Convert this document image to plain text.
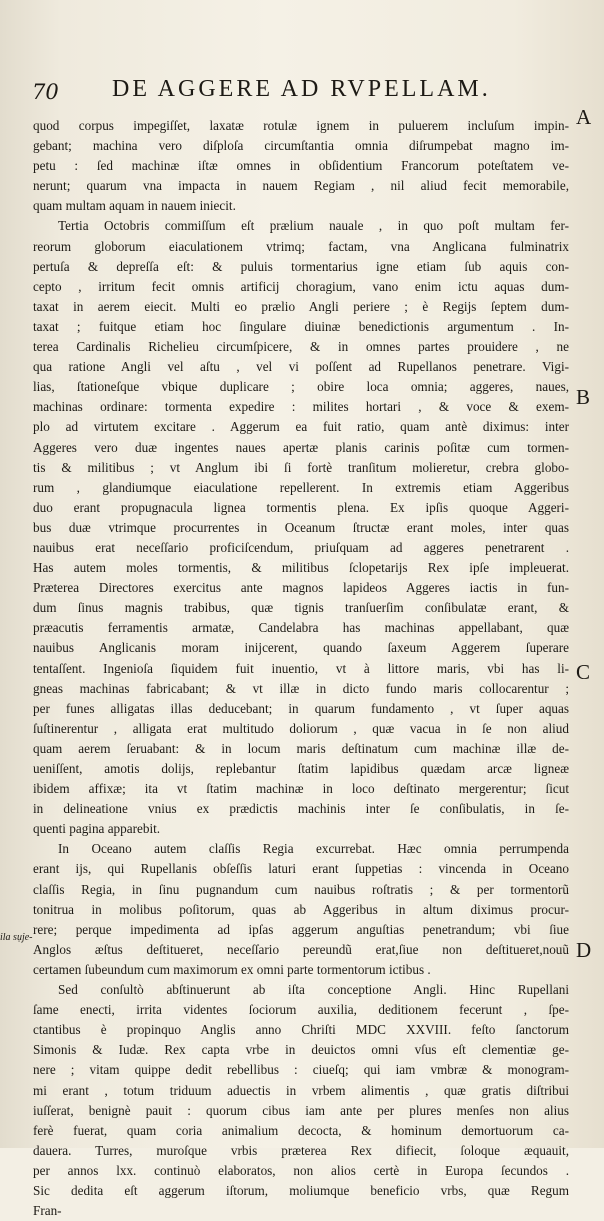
70 DE AGGERE AD RVPELLAM.
quod corpus impegiſſet, laxatæ rotulæ ignem in puluerem incluſum impin-
gebant; machina vero diſploſa circumſtantia omnia diſrumpebat magno im-
petu : ſed machinæ iſtæ omnes in obſidentium Francorum poteſtatem ve-
nerunt; quarum vna impacta in nauem Regiam , nil aliud fecit memorabile,
quam multam aquam in nauem iniecit.
Tertia Octobris commiſſum eſt prælium nauale , in quo poſt multam fer-
reorum globorum eiaculationem vtrimq; factam, vna Anglicana fulminatrix
pertuſa & depreſſa eſt: & puluis tormentarius igne etiam ſub aquis con-
cepto , irritum fecit omnis artificij choragium, vano enim ictu aquas dum-
taxat in aerem eiecit. Multi eo prælio Angli periere ; è Regijs ſeptem dum-
taxat ; fuitque etiam hoc ſingulare diuinæ benedictionis argumentum . In-
terea Cardinalis Richelieu circumſpicere, & in omnes partes prouidere , ne
qua ratione Angli vel aſtu , vel vi poſſent ad Rupellanos penetrare. Vigi-
lias, ſtationeſque vbique duplicare ; obire loca omnia; aggeres, naues,
machinas ordinare: tormenta expedire : milites hortari , & voce & exem-
plo ad virtutem excitare . Aggerum ea fuit ratio, quam antè diximus: inter
Aggeres vero duæ ingentes naues apertæ planis carinis poſitæ cum tormen-
tis & militibus ; vt Anglum ibi ſi fortè tranſitum molieretur, crebra globo-
rum , glandiumque eiaculatione repellerent. In extremis etiam Aggeribus
duo erant propugnacula lignea tormentis plena. Ex ipſis quoque Aggeri-
bus duæ vtrimque procurrentes in Oceanum ſtructæ erant moles, inter quas
nauibus erat neceſſario proficiſcendum, priuſquam ad aggeres penetrarent .
Has autem moles tormentis, & militibus ſclopetarijs Rex ipſe impleuerat.
Præterea Directores exercitus ante magnos lapideos Aggeres iactis in fun-
dum ſinus magnis trabibus, quæ tignis tranſuerſim conſibulatæ erant, &
præacutis ferramentis armatæ, Candelabra has machinas appellabant, quæ
nauibus Anglicanis moram inijcerent, quando ſaxeum Aggerem ſuperare
tentaſſent. Ingenioſa ſiquidem fuit inuentio, vt à littore maris, vbi has li-
gneas machinas fabricabant; & vt illæ in dicto fundo maris collocarentur ;
per funes alligatas illas deducebant; in quarum fundamento , vt ſuper aquas
ſuſtinerentur , alligata erat multitudo doliorum , quæ vacua in ſe non aliud
quam aerem ſeruabant: & in locum maris deſtinatum cum machinæ illæ de-
ueniſſent, amotis dolijs, replebantur ſtatim lapidibus quædam arcæ ligneæ
ibidem affixæ; ita vt ſtatim machinæ in loco deſtinato mergerentur; ſicut
in delineatione vnius ex prædictis machinis inter ſe conſibulatis, in ſe-
quenti pagina apparebit.
In Oceano autem claſſis Regia excurrebat. Hæc omnia perrumpenda
erant ijs, qui Rupellanis obſeſſis laturi erant ſuppetias : vincenda in Oceano
claſſis Regia, in ſinu pugnandum cum nauibus roſtratis ; & per tormentorũ
tonitrua in molibus poſitorum, quas ab Aggeribus in altum diximus procur-
rere; perque impedimenta ad ipſas aggerum anguſtias penetrandum; vbi ſiue
Anglos æſtus deſtitueret, neceſſario pereundũ erat,ſiue non deſtitueret,nouũ
certamen ſubeundum cum maximorum ex omni parte tormentorum ictibus .
Sed conſultò abſtinuerunt ab iſta conceptione Angli. Hinc Rupellani
ſame enecti, irrita videntes ſociorum auxilia, deditionem fecerunt , ſpe-
ctantibus è propinquo Anglis anno Chriſti MDC XXVIII. feſto ſanctorum
Simonis & Iudæ. Rex capta vrbe in deuictos omni vſus eſt clementiæ ge-
nere ; vitam quippe dedit rebellibus : ciueſq; qui iam vmbræ & monogram-
mi erant , totum triduum aduectis in vrbem alimentis , quæ gratis diſtribui
iuſſerat, benignè pauit : quorum cibus iam ante per plures menſes non alius
ferè fuerat, quam coria animalium decocta, & hominum demortuorum ca-
dauera. Turres, muroſque vrbis præterea Rex difiecit, ſoloque æquauit,
per annos lxx. continuò elaboratos, non alios certè in Europa ſecundos .
Sic dedita eſt aggerum iſtorum, moliumque beneficio vrbs, quæ Regum
Fran-
A
B
C
D
ila sụje-
